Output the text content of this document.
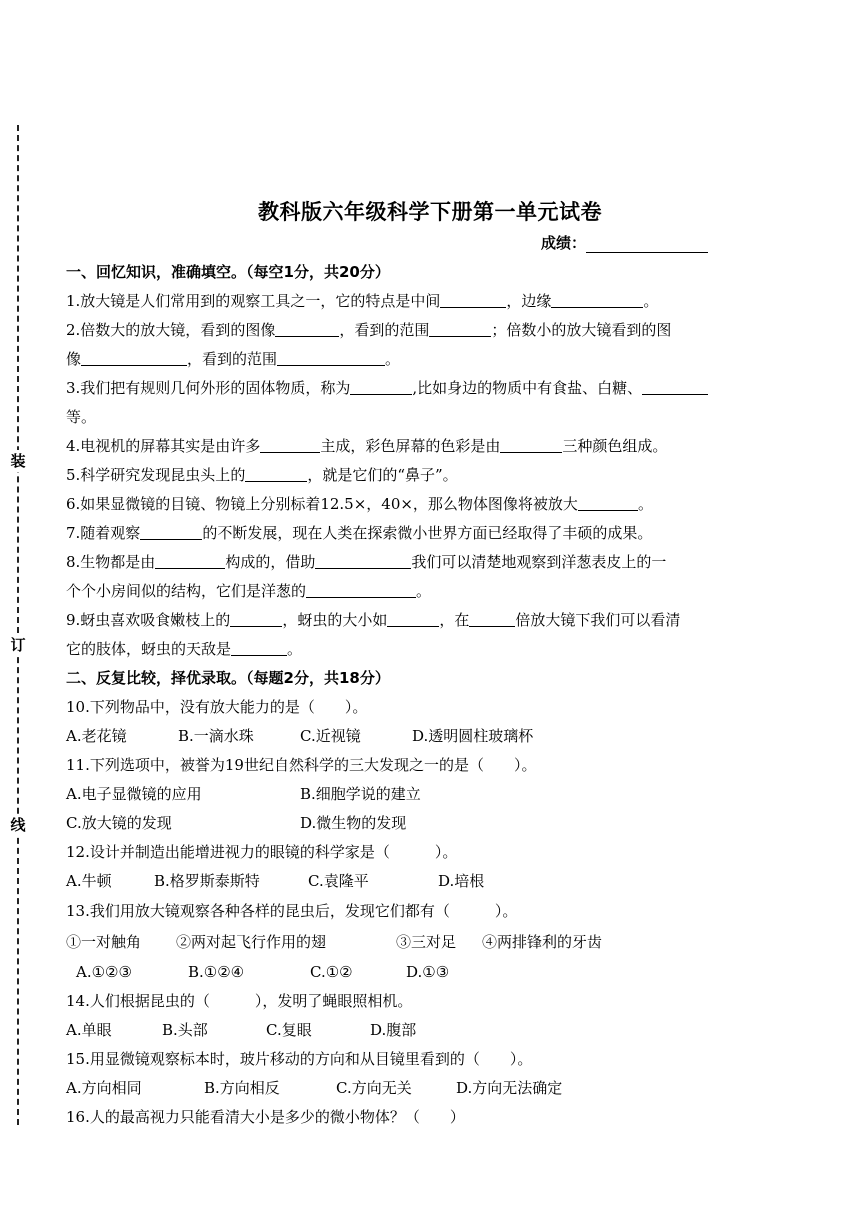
装
订
线
教科版六年级科学下册第一单元试卷
成绩：
一、回忆知识，准确填空。（每空1分，共20分）
1.放大镜是人们常用到的观察工具之一，它的特点是中间	，边缘	。
2.倍数大的放大镜，看到的图像	，看到的范围	；倍数小的放大镜看到的图
像	，看到的范围	。
3.我们把有规则几何外形的固体物质，称为	,比如身边的物质中有食盐、白糖、
等。
4.电视机的屏幕其实是由许多	主成，彩色屏幕的色彩是由	三种颜色组成。
5.科学研究发现昆虫头上的	，就是它们的“鼻子”。
6.如果显微镜的目镜、物镜上分别标着12.5×，40×，那么物体图像将被放大	。
7.随着观察	的不断发展，现在人类在探索微小世界方面已经取得了丰硕的成果。
8.生物都是由	构成的，借助	我们可以清楚地观察到洋葱表皮上的一
个个小房间似的结构，它们是洋葱的	。
9.蚜虫喜欢吸食嫩枝上的	，蚜虫的大小如	，在	倍放大镜下我们可以看清
它的肢体，蚜虫的天敌是	。
二、反复比较，择优录取。（每题2分，共18分）
10.下列物品中，没有放大能力的是（　　）。
A.老花镜	B.一滴水珠	C.近视镜	D.透明圆柱玻璃杯
11.下列选项中，被誉为19世纪自然科学的三大发现之一的是（　　）。
A.电子显微镜的应用	B.细胞学说的建立
C.放大镜的发现	D.微生物的发现
12.设计并制造出能增进视力的眼镜的科学家是（　　　）。
A.牛顿	B.格罗斯泰斯特	C.袁隆平	D.培根
13.我们用放大镜观察各种各样的昆虫后，发现它们都有（　　　）。
①一对触角 ②两对起飞行作用的翅	③三对足 ④两排锋利的牙齿
A.①②③	B.①②④	C.①②	D.①③
14.人们根据昆虫的（　　　），发明了蝇眼照相机。
A.单眼	B.头部	C.复眼	D.腹部
15.用显微镜观察标本时，玻片移动的方向和从目镜里看到的（　　）。
A.方向相同	B.方向相反	C.方向无关	D.方向无法确定
16.人的最高视力只能看清大小是多少的微小物体？（　　）
